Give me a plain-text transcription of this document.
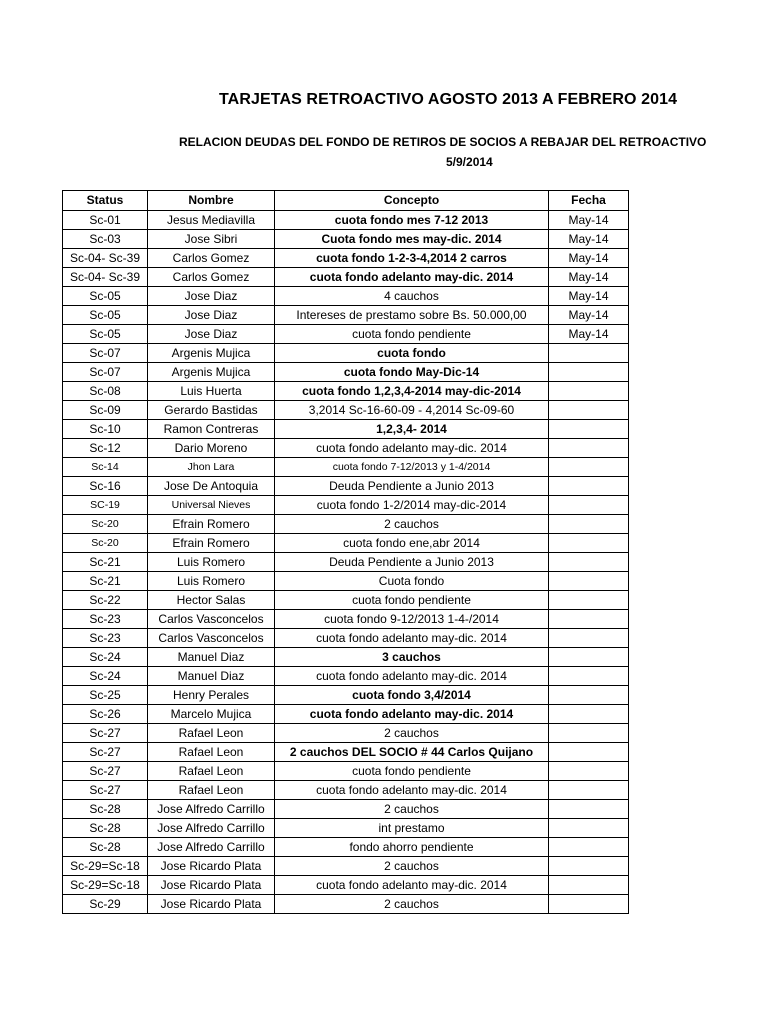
TARJETAS RETROACTIVO AGOSTO 2013 A FEBRERO 2014
RELACION DEUDAS DEL FONDO DE RETIROS DE SOCIOS A REBAJAR DEL RETROACTIVO
5/9/2014
Status	Nombre	Concepto	Fecha
Sc-01	Jesus Mediavilla	cuota fondo mes 7-12 2013	May-14
Sc-03	Jose Sibri	Cuota fondo mes may-dic. 2014	May-14
Sc-04- Sc-39	Carlos Gomez	cuota fondo 1-2-3-4,2014 2 carros	May-14
Sc-04- Sc-39	Carlos Gomez	cuota fondo adelanto may-dic. 2014	May-14
Sc-05	Jose Diaz	4 cauchos	May-14
Sc-05	Jose Diaz	Intereses de prestamo sobre Bs. 50.000,00	May-14
Sc-05	Jose Diaz	cuota fondo pendiente	May-14
Sc-07	Argenis Mujica	cuota fondo	
Sc-07	Argenis Mujica	cuota fondo May-Dic-14	
Sc-08	Luis Huerta	cuota fondo 1,2,3,4-2014 may-dic-2014	
Sc-09	Gerardo Bastidas	3,2014 Sc-16-60-09 - 4,2014 Sc-09-60	
Sc-10	Ramon Contreras	1,2,3,4- 2014	
Sc-12	Dario Moreno	cuota fondo adelanto may-dic. 2014	
Sc-14	Jhon Lara	cuota fondo 7-12/2013 y 1-4/2014	
Sc-16	Jose De Antoquia	Deuda Pendiente a Junio 2013	
SC-19	Universal Nieves	cuota fondo 1-2/2014 may-dic-2014	
Sc-20	Efrain Romero	2 cauchos	
Sc-20	Efrain Romero	cuota fondo ene,abr 2014	
Sc-21	Luis Romero	Deuda Pendiente a Junio 2013	
Sc-21	Luis Romero	Cuota fondo	
Sc-22	Hector Salas	cuota fondo pendiente	
Sc-23	Carlos Vasconcelos	cuota fondo 9-12/2013 1-4-/2014	
Sc-23	Carlos Vasconcelos	cuota fondo adelanto may-dic. 2014	
Sc-24	Manuel Diaz	3 cauchos	
Sc-24	Manuel Diaz	cuota fondo adelanto may-dic. 2014	
Sc-25	Henry Perales	cuota fondo 3,4/2014	
Sc-26	Marcelo Mujica	cuota fondo adelanto may-dic. 2014	
Sc-27	Rafael Leon	2 cauchos	
Sc-27	Rafael Leon	2 cauchos DEL SOCIO # 44 Carlos Quijano	
Sc-27	Rafael Leon	cuota fondo pendiente	
Sc-27	Rafael Leon	cuota fondo adelanto may-dic. 2014	
Sc-28	Jose Alfredo Carrillo	2 cauchos	
Sc-28	Jose Alfredo Carrillo	int prestamo	
Sc-28	Jose Alfredo Carrillo	fondo ahorro pendiente	
Sc-29=Sc-18	Jose Ricardo Plata	2 cauchos	
Sc-29=Sc-18	Jose Ricardo Plata	cuota fondo adelanto may-dic. 2014	
Sc-29	Jose Ricardo Plata	2 cauchos	
